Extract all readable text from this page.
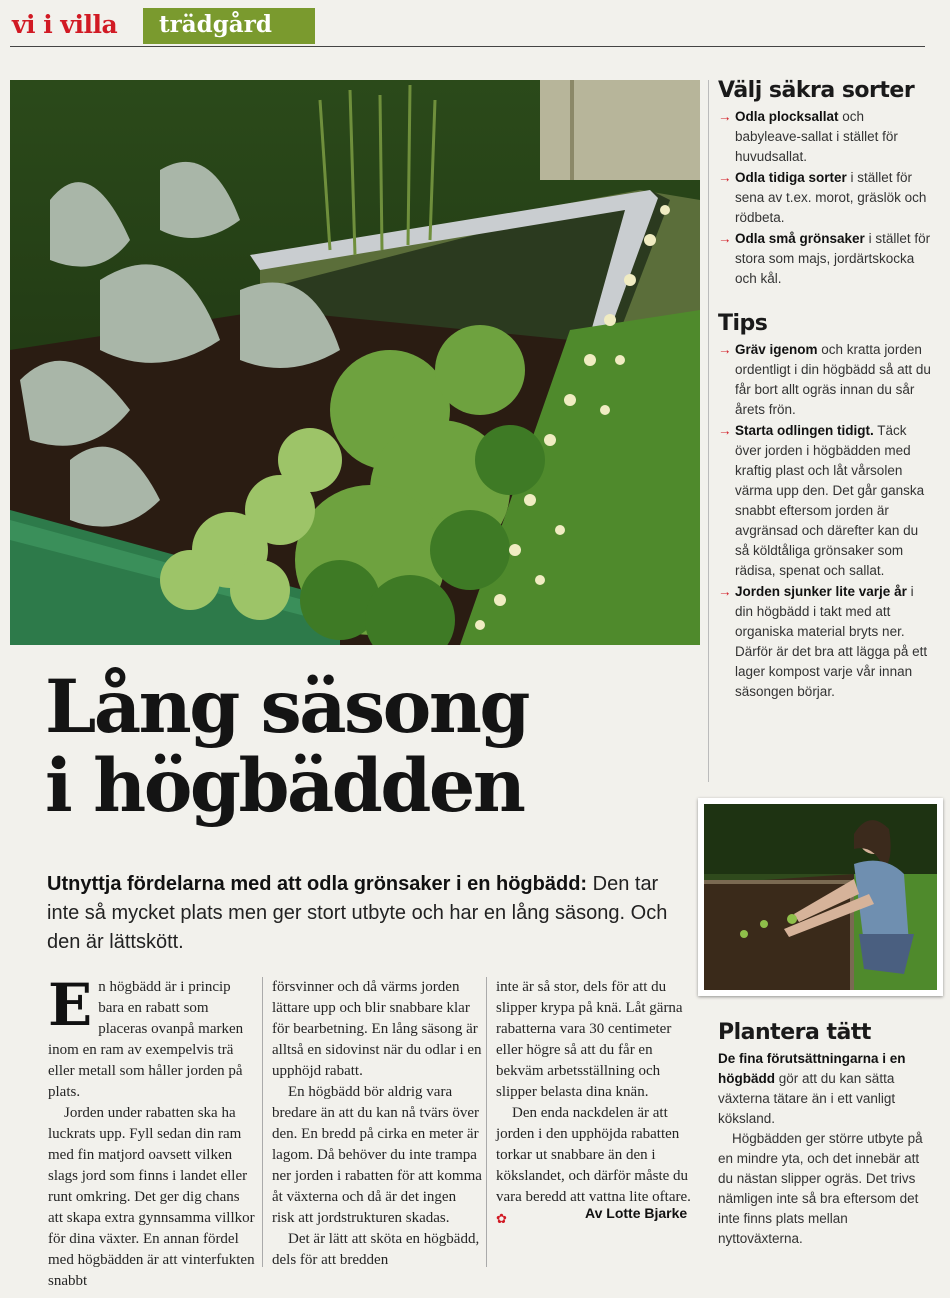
vi i villa	trädgård
Välj säkra sorter
→ Odla plocksallat och babyleave-sallat i stället för huvudsallat.
→ Odla tidiga sorter i stället för sena av t.ex. morot, gräslök och rödbeta.
→ Odla små grönsaker i stället för stora som majs, jordärtskocka och kål.
Tips
→ Gräv igenom och kratta jorden ordentligt i din högbädd så att du får bort allt ogräs innan du sår årets frön.
→ Starta odlingen tidigt. Täck över jorden i högbädden med kraftig plast och låt vårsolen värma upp den. Det går ganska snabbt eftersom jorden är avgränsad och därefter kan du så köldtåliga grönsaker som rädisa, spenat och sallat.
→ Jorden sjunker lite varje år i din högbädd i takt med att organiska material bryts ner. Därför är det bra att lägga på ett lager kompost varje vår innan säsongen börjar.
Lång säsong
i högbädden
Utnyttja fördelarna med att odla grönsaker i en högbädd: Den tar inte så mycket plats men ger stort utbyte och har en lång säsong. Och den är lättskött.

En högbädd är i princip bara en rabatt som placeras ovanpå marken inom en ram av exempelvis trä eller metall som håller jorden på plats.

Jorden under rabatten ska ha luckrats upp. Fyll sedan din ram med fin matjord oavsett vilken slags jord som finns i landet eller runt omkring. Det ger dig chans att skapa extra gynnsamma villkor för dina växter. En annan fördel med högbädden är att vinterfukten snabbt

försvinner och då värms jorden lättare upp och blir snabbare klar för bearbetning. En lång säsong är alltså en sidovinst när du odlar i en upphöjd rabatt.

En högbädd bör aldrig vara bredare än att du kan nå tvärs över den. En bredd på cirka en meter är lagom. Då behöver du inte trampa ner jorden i rabatten för att komma åt växterna och då är det ingen risk att jordstrukturen skadas.

Det är lätt att sköta en högbädd, dels för att bredden

inte är så stor, dels för att du slipper krypa på knä. Låt gärna rabatterna vara 30 centimeter eller högre så att du får en bekväm arbetsställning och slipper belasta dina knän.

Den enda nackdelen är att jorden i den upphöjda rabatten torkar ut snabbare än den i kökslandet, och därför måste du vara beredd att vattna lite oftare. ✿	Av Lotte Bjarke
Plantera tätt

De fina förutsättningarna i en högbädd gör att du kan sätta växterna tätare än i ett vanligt köksland.

Högbädden ger större utbyte på en mindre yta, och det innebär att du nästan slipper ogräs. Det trivs nämligen inte så bra eftersom det inte finns plats mellan nyttoväxterna.
